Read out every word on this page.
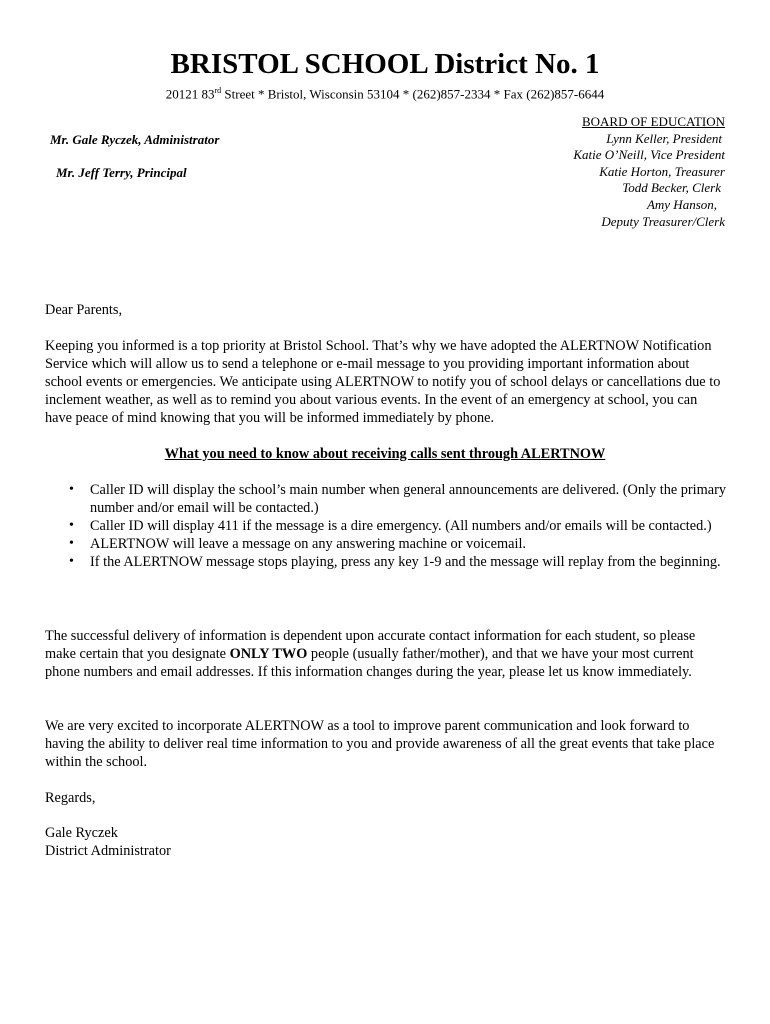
BRISTOL SCHOOL District No. 1
20121 83rd Street * Bristol, Wisconsin 53104 * (262)857-2334 * Fax (262)857-6644
Mr. Gale Ryczek, Administrator
Mr. Jeff Terry, Principal
BOARD OF EDUCATION
Lynn Keller, President
Katie O’Neill, Vice President
Katie Horton, Treasurer
Todd Becker, Clerk
Amy Hanson,
Deputy Treasurer/Clerk
Dear Parents,

Keeping you informed is a top priority at Bristol School. That’s why we have adopted the ALERTNOW Notification Service which will allow us to send a telephone or e-mail message to you providing important information about school events or emergencies. We anticipate using ALERTNOW to notify you of school delays or cancellations due to inclement weather, as well as to remind you about various events. In the event of an emergency at school, you can have peace of mind knowing that you will be informed immediately by phone.

What you need to know about receiving calls sent through ALERTNOW
• Caller ID will display the school’s main number when general announcements are delivered. (Only the primary number and/or email will be contacted.)
• Caller ID will display 411 if the message is a dire emergency. (All numbers and/or emails will be contacted.)
• ALERTNOW will leave a message on any answering machine or voicemail.
• If the ALERTNOW message stops playing, press any key 1-9 and the message will replay from the beginning.

The successful delivery of information is dependent upon accurate contact information for each student, so please make certain that you designate ONLY TWO people (usually father/mother), and that we have your most current phone numbers and email addresses. If this information changes during the year, please let us know immediately.

We are very excited to incorporate ALERTNOW as a tool to improve parent communication and look forward to having the ability to deliver real time information to you and provide awareness of all the great events that take place within the school.

Regards,
Gale Ryczek
District Administrator
